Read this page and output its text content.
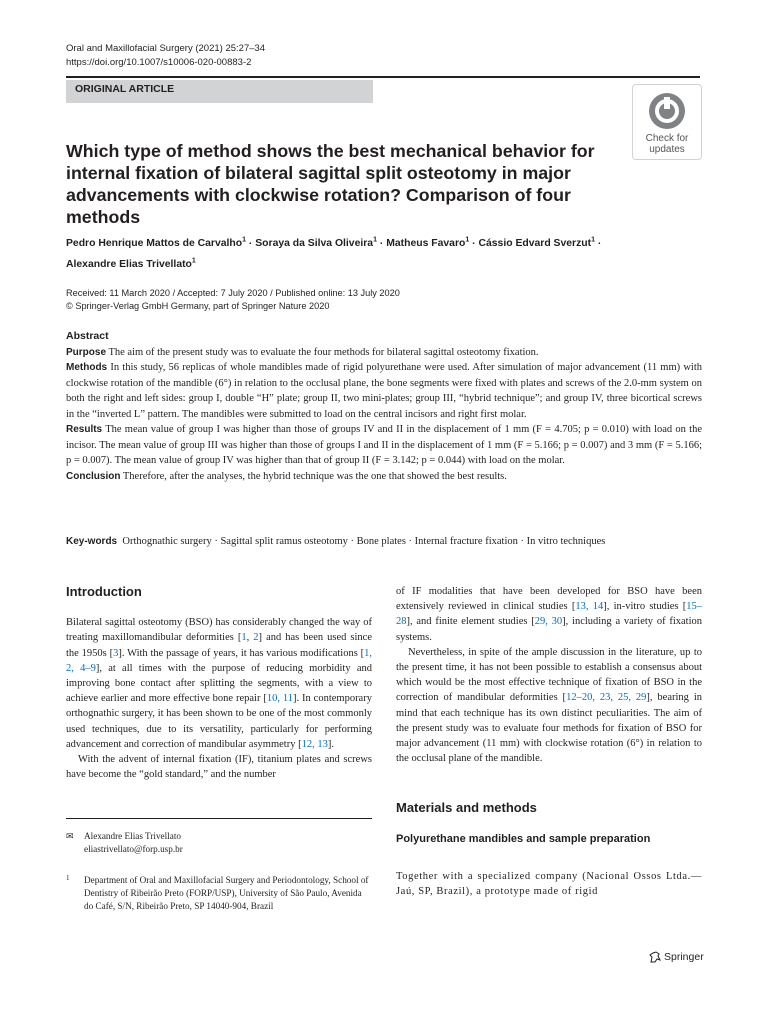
Oral and Maxillofacial Surgery (2021) 25:27–34
https://doi.org/10.1007/s10006-020-00883-2
ORIGINAL ARTICLE
Check for
updates
Which type of method shows the best mechanical behavior for internal fixation of bilateral sagittal split osteotomy in major advancements with clockwise rotation? Comparison of four methods
Pedro Henrique Mattos de Carvalho$^1$ · Soraya da Silva Oliveira$^1$ · Matheus Favaro$^1$ · Cássio Edvard Sverzut$^1$ ·
Alexandre Elias Trivellato$^1$
Received: 11 March 2020 / Accepted: 7 July 2020 / Published online: 13 July 2020
© Springer-Verlag GmbH Germany, part of Springer Nature 2020
Abstract
Purpose The aim of the present study was to evaluate the four methods for bilateral sagittal osteotomy fixation.
Methods In this study, 56 replicas of whole mandibles made of rigid polyurethane were used. After simulation of major advancement (11 mm) with clockwise rotation of the mandible (6°) in relation to the occlusal plane, the bone segments were fixed with plates and screws of the 2.0-mm system on both the right and left sides: group I, double “H” plate; group II, two mini-plates; group III, “hybrid technique”; and group IV, three bicortical screws in the “inverted L” pattern. The mandibles were submitted to load on the central incisors and right first molar.
Results The mean value of group I was higher than those of groups IV and II in the displacement of 1 mm (F = 4.705; p = 0.010) with load on the incisor. The mean value of group III was higher than those of groups I and II in the displacement of 1 mm (F = 5.166; p = 0.007) and 3 mm (F = 5.166; p = 0.007). The mean value of group IV was higher than that of group II (F = 3.142; p = 0.044) with load on the molar.
Conclusion Therefore, after the analyses, the hybrid technique was the one that showed the best results.
Key-words Orthognathic surgery · Sagittal split ramus osteotomy · Bone plates · Internal fracture fixation · In vitro techniques
Introduction

Bilateral sagittal osteotomy (BSO) has considerably changed the way of treating maxillomandibular deformities [1, 2] and has been used since the 1950s [3]. With the passage of years, it has various modifications [1, 2, 4–9], at all times with the purpose of reducing morbidity and improving bone contact after splitting the segments, with a view to achieve earlier and more effective bone repair [10, 11]. In contemporary orthognathic surgery, it has been shown to be one of the most commonly used techniques, due to its versatility, particularly for performing advancement and correction of mandibular asymmetry [12, 13].

With the advent of internal fixation (IF), titanium plates and screws have become the “gold standard,” and the number

✉ Alexandre Elias Trivellato
eliastrivellato@forp.usp.br
1 Department of Oral and Maxillofacial Surgery and Periodontology, School of Dentistry of Ribeirão Preto (FORP/USP), University of São Paulo, Avenida do Café, S/N, Ribeirão Preto, SP 14040-904, Brazil

of IF modalities that have been developed for BSO have been extensively reviewed in clinical studies [13, 14], in-vitro studies [15–28], and finite element studies [29, 30], including a variety of fixation systems.

Nevertheless, in spite of the ample discussion in the literature, up to the present time, it has not been possible to establish a consensus about which would be the most effective technique of fixation of BSO in the correction of mandibular deformities [12–20, 23, 25, 29], bearing in mind that each technique has its own distinct peculiarities. The aim of the present study was to evaluate four methods for fixation of BSO for major advancement (11 mm) with clockwise rotation (6°) in relation to the occlusal plane of the mandible.

Materials and methods
Polyurethane mandibles and sample preparation

Together with a specialized company (Nacional Ossos Ltda.—Jaú, SP, Brazil), a prototype made of rigid

Springer
